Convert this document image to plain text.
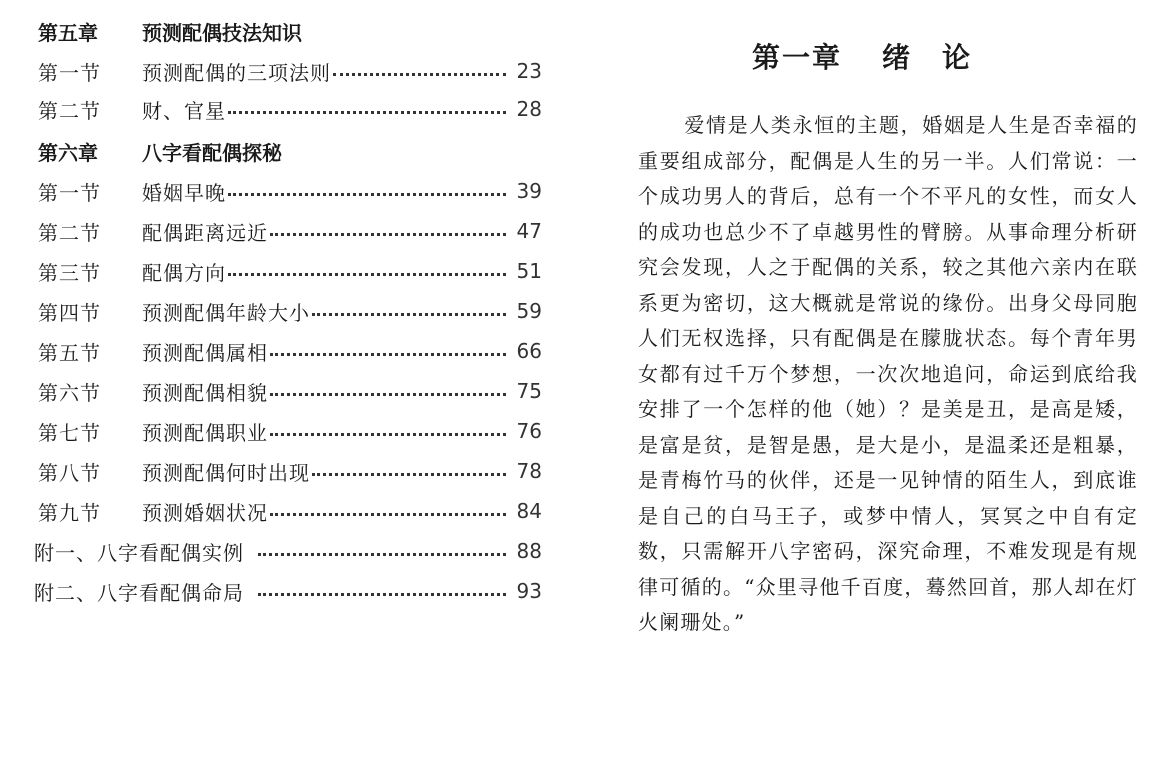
第五章	预测配偶技法知识
第一节	预测配偶的三项法则	23
第二节	财、官星	28
第六章	八字看配偶探秘
第一节	婚姻早晚	39
第二节	配偶距离远近	47
第三节	配偶方向	51
第四节	预测配偶年龄大小	59
第五节	预测配偶属相	66
第六节	预测配偶相貌	75
第七节	预测配偶职业	76
第八节	预测配偶何时出现	78
第九节	预测婚姻状况	84
附一、八字看配偶实例	88
附二、八字看配偶命局	93
第一章 绪　论
爱情是人类永恒的主题，婚姻是人生是否幸福的重要组成部分，配偶是人生的另一半。人们常说：一个成功男人的背后，总有一个不平凡的女性，而女人的成功也总少不了卓越男性的臂膀。从事命理分析研究会发现，人之于配偶的关系，较之其他六亲内在联系更为密切，这大概就是常说的缘份。出身父母同胞人们无权选择，只有配偶是在朦胧状态。每个青年男女都有过千万个梦想，一次次地追问，命运到底给我安排了一个怎样的他（她）？是美是丑，是高是矮，是富是贫，是智是愚，是大是小，是温柔还是粗暴，是青梅竹马的伙伴，还是一见钟情的陌生人，到底谁是自己的白马王子，或梦中情人，冥冥之中自有定数，只需解开八字密码，深究命理，不难发现是有规律可循的。“众里寻他千百度，蓦然回首，那人却在灯火阑珊处。”
